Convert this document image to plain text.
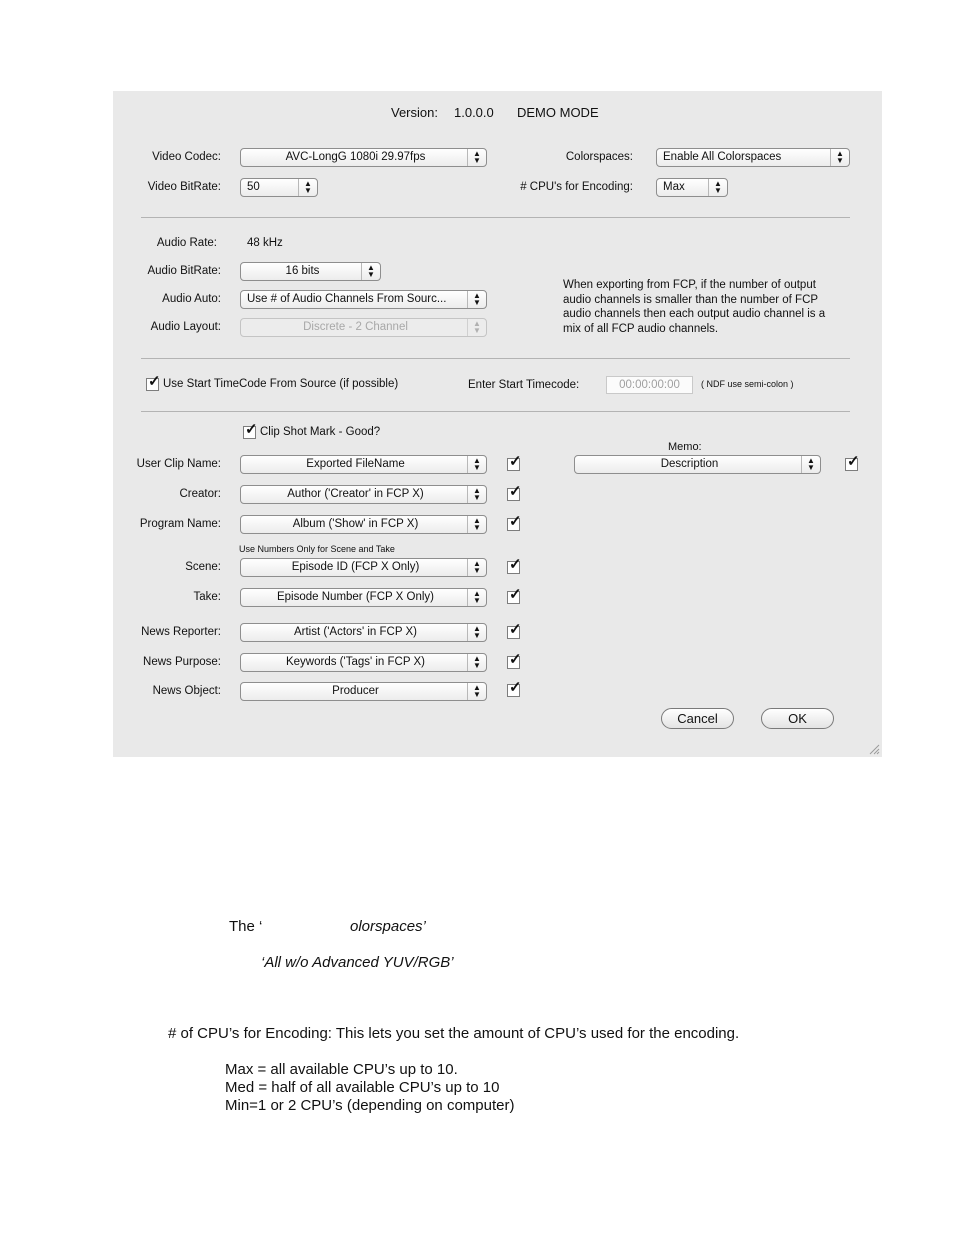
Version: 1.0.0.0 DEMO MODE
Video Codec:	AVC-LongG 1080i 29.97fps	▲
▼
Video BitRate: 50	▲
▼
Colorspaces:	Enable All Colorspaces	▲
▼
# CPU's for Encoding:	Max	▲
▼
Audio Rate:	48 kHz
Audio BitRate:	16 bits	▲
▼
Audio Auto: Use # of Audio Channels From Sourc...	▲
▼
Audio Layout:	Discrete - 2 Channel	▲
▼
When exporting from FCP, if the number of output
audio channels is smaller than the number of FCP
audio channels then each output audio channel is a
mix of all FCP audio channels.
✓ Use Start TimeCode From Source (if possible)	Enter Start Timecode:	00:00:00:00	( NDF use semi-colon )
✓ Clip Shot Mark - Good?
Memo:
Description	▲
▼	✓
User Clip Name:	Exported FileName	▲
▼	✓
Creator:	Author ('Creator' in FCP X)	▲
▼	✓
Program Name:	Album ('Show' in FCP X)	▲
▼	✓
Use Numbers Only for Scene and Take
Scene:	Episode ID (FCP X Only)	▲
▼	✓
Take:	Episode Number (FCP X Only)	▲
▼	✓
News Reporter:	Artist ('Actors' in FCP X)	▲
▼	✓
News Purpose:	Keywords ('Tags' in FCP X)	▲
▼	✓
News Object:	Producer	▲
▼	✓
Cancel	OK
The ‘	olorspaces’
‘All w/o Advanced YUV/RGB’
# of CPU’s for Encoding: This lets you set the amount of CPU’s used for the encoding.
Max = all available CPU’s up to 10.
Med = half of all available CPU’s up to 10
Min=1 or 2 CPU’s (depending on computer)
